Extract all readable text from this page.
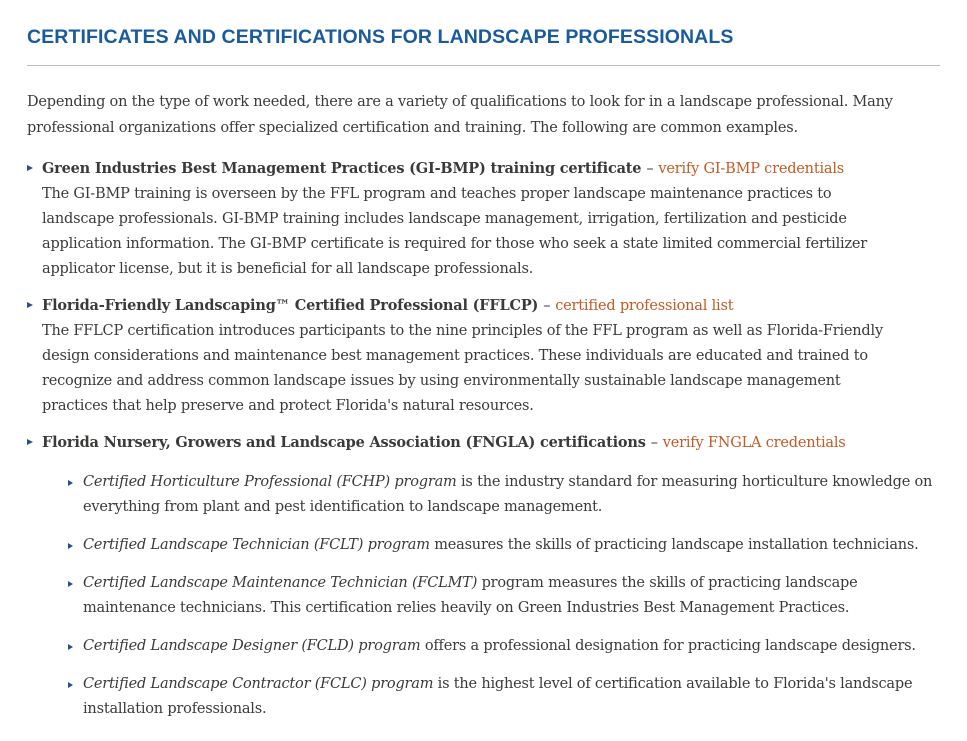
CERTIFICATES AND CERTIFICATIONS FOR LANDSCAPE PROFESSIONALS

Depending on the type of work needed, there are a variety of qualifications to look for in a landscape professional. Many professional organizations offer specialized certification and training. The following are common examples.

Green Industries Best Management Practices (GI-BMP) training certificate – verify GI-BMP credentials

The GI-BMP training is overseen by the FFL program and teaches proper landscape maintenance practices to landscape professionals. GI-BMP training includes landscape management, irrigation, fertilization and pesticide application information. The GI-BMP certificate is required for those who seek a state limited commercial fertilizer applicator license, but it is beneficial for all landscape professionals.

Florida-Friendly Landscaping™ Certified Professional (FFLCP) – certified professional list

The FFLCP certification introduces participants to the nine principles of the FFL program as well as Florida-Friendly design considerations and maintenance best management practices. These individuals are educated and trained to recognize and address common landscape issues by using environmentally sustainable landscape management practices that help preserve and protect Florida's natural resources.

Florida Nursery, Growers and Landscape Association (FNGLA) certifications – verify FNGLA credentials
Certified Horticulture Professional (FCHP) program is the industry standard for measuring horticulture knowledge on everything from plant and pest identification to landscape management.
Certified Landscape Technician (FCLT) program measures the skills of practicing landscape installation technicians.
Certified Landscape Maintenance Technician (FCLMT) program measures the skills of practicing landscape maintenance technicians. This certification relies heavily on Green Industries Best Management Practices.
Certified Landscape Designer (FCLD) program offers a professional designation for practicing landscape designers.
Certified Landscape Contractor (FCLC) program is the highest level of certification available to Florida's landscape installation professionals.
